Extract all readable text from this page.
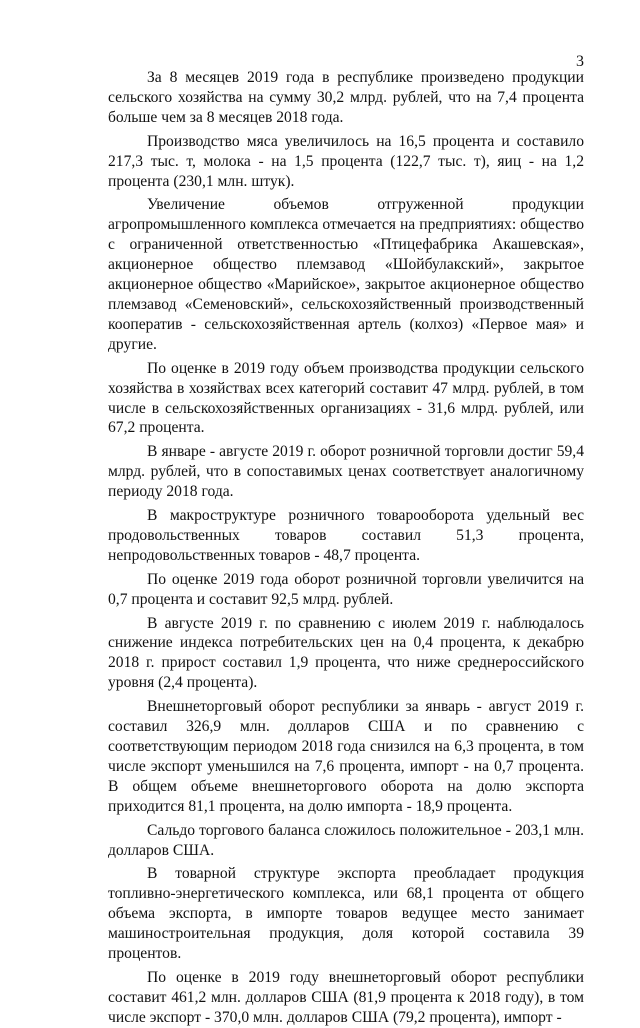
3

За 8 месяцев 2019 года в республике произведено продукции сельского хозяйства на сумму 30,2 млрд. рублей, что на 7,4 процента больше чем за 8 месяцев 2018 года.

Производство мяса увеличилось на 16,5 процента и составило 217,3 тыс. т, молока - на 1,5 процента (122,7 тыс. т), яиц - на 1,2 процента (230,1 млн. штук).

Увеличение объемов отгруженной продукции агропромышленного комплекса отмечается на предприятиях: общество с ограниченной ответственностью «Птицефабрика Акашевская», акционерное общество племзавод «Шойбулакский», закрытое акционерное общество «Марийское», закрытое акционерное общество племзавод «Семеновский», сельскохозяйственный производственный кооператив - сельскохозяйственная артель (колхоз) «Первое мая» и другие.

По оценке в 2019 году объем производства продукции сельского хозяйства в хозяйствах всех категорий составит 47 млрд. рублей, в том числе в сельскохозяйственных организациях - 31,6 млрд. рублей, или 67,2 процента.

В январе - августе 2019 г. оборот розничной торговли достиг 59,4 млрд. рублей, что в сопоставимых ценах соответствует аналогичному периоду 2018 года.

В макроструктуре розничного товарооборота удельный вес продовольственных товаров составил 51,3 процента, непродовольственных товаров - 48,7 процента.

По оценке 2019 года оборот розничной торговли увеличится на 0,7 процента и составит 92,5 млрд. рублей.

В августе 2019 г. по сравнению с июлем 2019 г. наблюдалось снижение индекса потребительских цен на 0,4 процента, к декабрю 2018 г. прирост составил 1,9 процента, что ниже среднероссийского уровня (2,4 процента).

Внешнеторговый оборот республики за январь - август 2019 г. составил 326,9 млн. долларов США и по сравнению с соответствующим периодом 2018 года снизился на 6,3 процента, в том числе экспорт уменьшился на 7,6 процента, импорт - на 0,7 процента. В общем объеме внешнеторгового оборота на долю экспорта приходится 81,1 процента, на долю импорта - 18,9 процента.

Сальдо торгового баланса сложилось положительное - 203,1 млн. долларов США.

В товарной структуре экспорта преобладает продукция топливно-энергетического комплекса, или 68,1 процента от общего объема экспорта, в импорте товаров ведущее место занимает машиностроительная продукция, доля которой составила 39 процентов.

По оценке в 2019 году внешнеторговый оборот республики составит 461,2 млн. долларов США (81,9 процента к 2018 году), в том числе экспорт - 370,0 млн. долларов США (79,2 процента), импорт -
